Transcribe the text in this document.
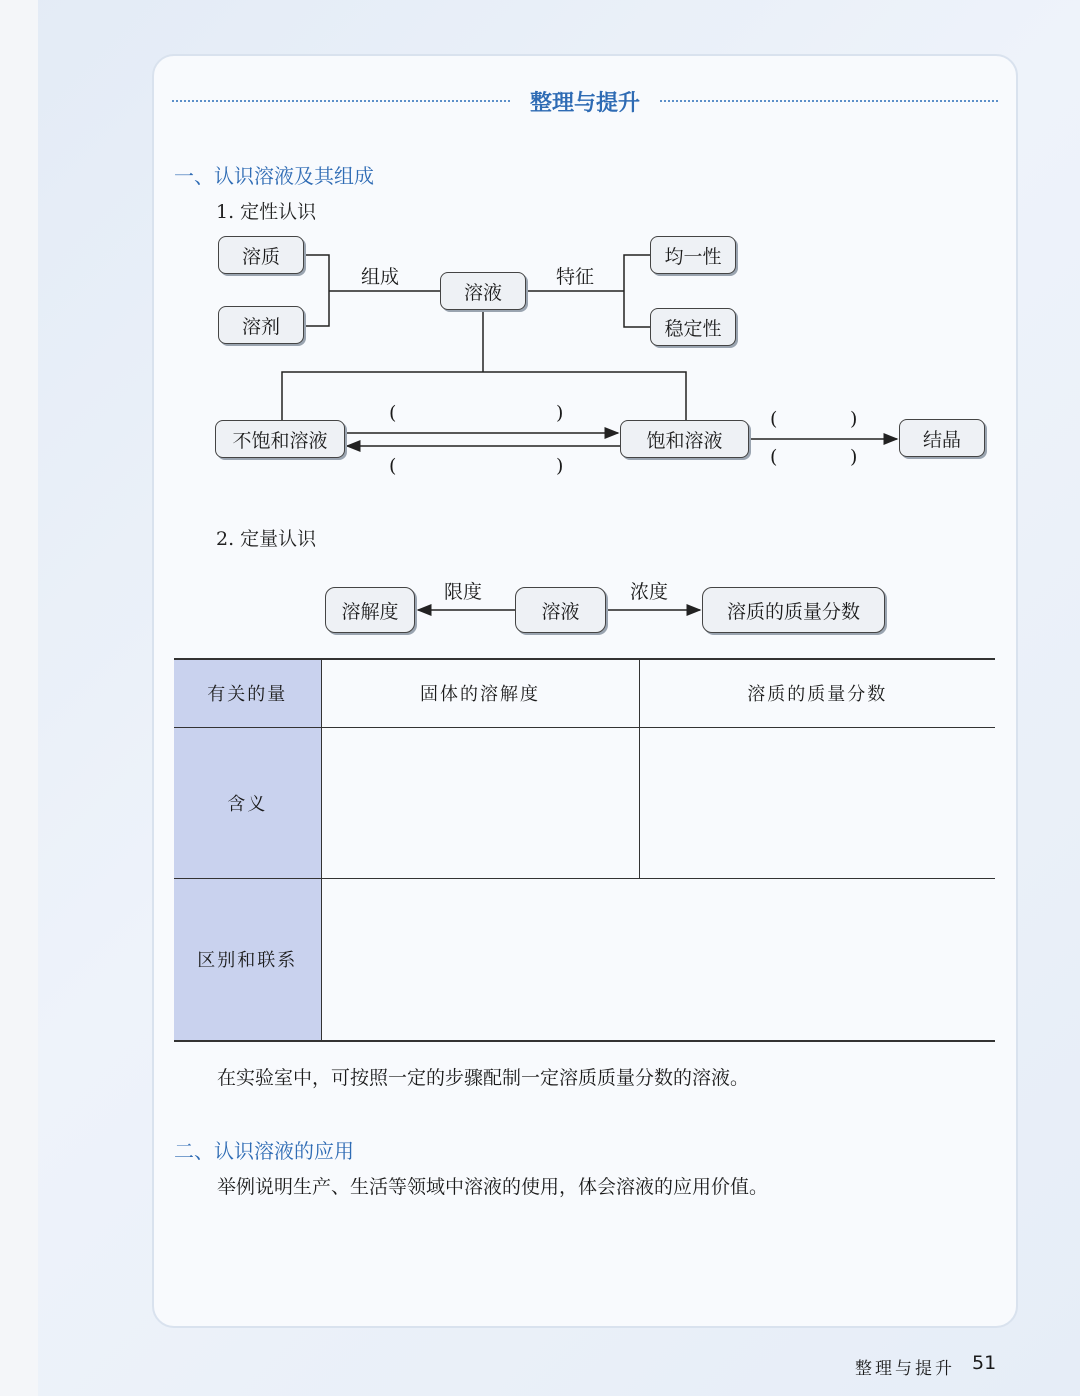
整理与提升
一、认识溶液及其组成
1. 定性认识
溶质
溶剂
溶液
均一性
稳定性
不饱和溶液	饱和溶液	结晶
组成	特征
(	)
(	)
(	)
(	)
2. 定量认识
溶解度	溶液	溶质的质量分数
限度	浓度
有关的量	固体的溶解度	溶质的质量分数
含义		
区别和联系		
在实验室中，可按照一定的步骤配制一定溶质质量分数的溶液。
二、认识溶液的应用
举例说明生产、生活等领域中溶液的使用，体会溶液的应用价值。
整理与提升 51
